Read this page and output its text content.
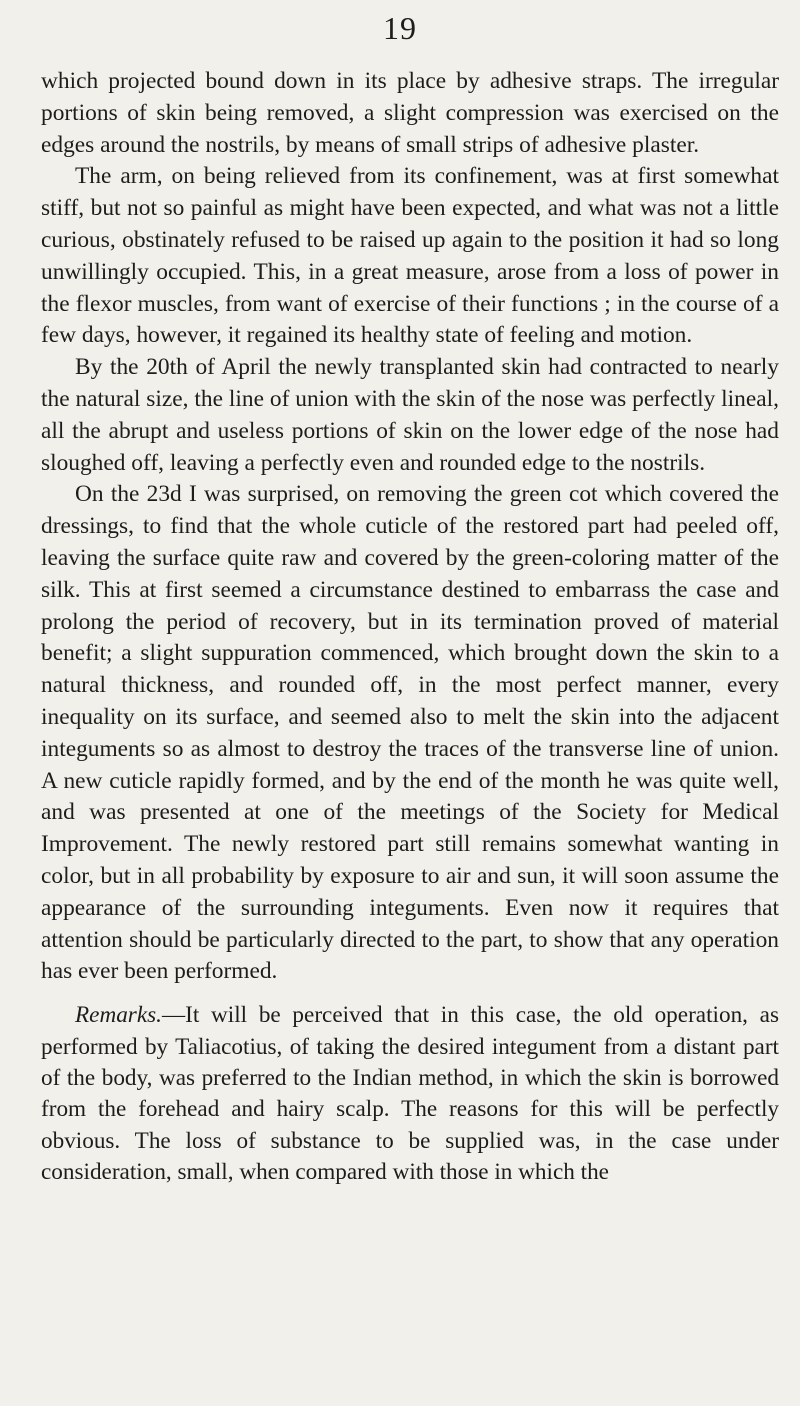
19

which projected bound down in its place by adhesive straps. The irregular portions of skin being removed, a slight compression was exercised on the edges around the nostrils, by means of small strips of adhesive plaster.

The arm, on being relieved from its confinement, was at first somewhat stiff, but not so painful as might have been expected, and what was not a little curious, obstinately refused to be raised up again to the position it had so long unwillingly occupied. This, in a great measure, arose from a loss of power in the flexor muscles, from want of exercise of their functions ; in the course of a few days, however, it regained its healthy state of feeling and motion.

By the 20th of April the newly transplanted skin had contracted to nearly the natural size, the line of union with the skin of the nose was perfectly lineal, all the abrupt and useless portions of skin on the lower edge of the nose had sloughed off, leaving a perfectly even and rounded edge to the nostrils.

On the 23d I was surprised, on removing the green cot which covered the dressings, to find that the whole cuticle of the restored part had peeled off, leaving the surface quite raw and covered by the green-coloring matter of the silk. This at first seemed a circumstance destined to embarrass the case and prolong the period of recovery, but in its termination proved of material benefit; a slight suppuration commenced, which brought down the skin to a natural thickness, and rounded off, in the most perfect manner, every inequality on its surface, and seemed also to melt the skin into the adjacent integuments so as almost to destroy the traces of the transverse line of union. A new cuticle rapidly formed, and by the end of the month he was quite well, and was presented at one of the meetings of the Society for Medical Improvement. The newly restored part still remains somewhat wanting in color, but in all probability by exposure to air and sun, it will soon assume the appearance of the surrounding integuments. Even now it requires that attention should be particularly directed to the part, to show that any operation has ever been performed.

Remarks.—It will be perceived that in this case, the old operation, as performed by Taliacotius, of taking the desired integument from a distant part of the body, was preferred to the Indian method, in which the skin is borrowed from the forehead and hairy scalp. The reasons for this will be perfectly obvious. The loss of substance to be supplied was, in the case under consideration, small, when compared with those in which the
